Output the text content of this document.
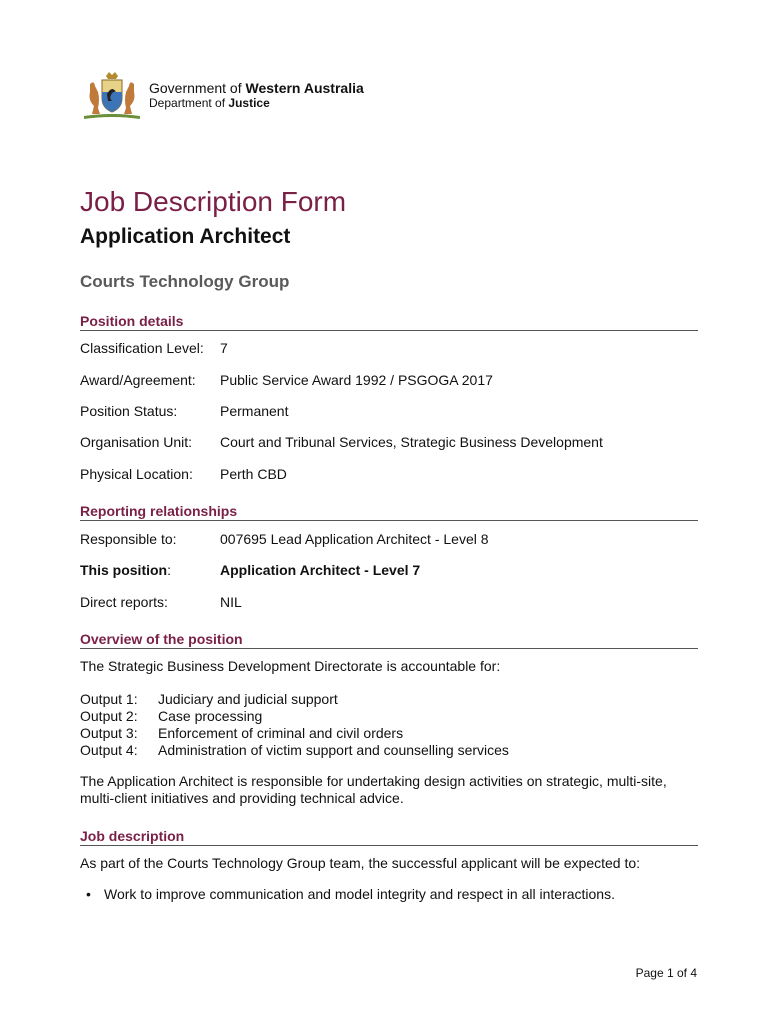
Government of Western Australia
Department of Justice
Job Description Form
Application Architect
Courts Technology Group
Position details
Classification Level: 7
Award/Agreement: Public Service Award 1992 / PSGOGA 2017
Position Status:	Permanent
Organisation Unit: Court and Tribunal Services, Strategic Business Development
Physical Location: Perth CBD
Reporting relationships
Responsible to:	007695 Lead Application Architect - Level 8
This position:	Application Architect - Level 7
Direct reports:	NIL
Overview of the position
The Strategic Business Development Directorate is accountable for:
Output 1: Judiciary and judicial support
Output 2: Case processing
Output 3: Enforcement of criminal and civil orders
Output 4: Administration of victim support and counselling services
The Application Architect is responsible for undertaking design activities on strategic, multi-site, multi-client initiatives and providing technical advice.
Job description
As part of the Courts Technology Group team, the successful applicant will be expected to:
• Work to improve communication and model integrity and respect in all interactions.
Page 1 of 4
